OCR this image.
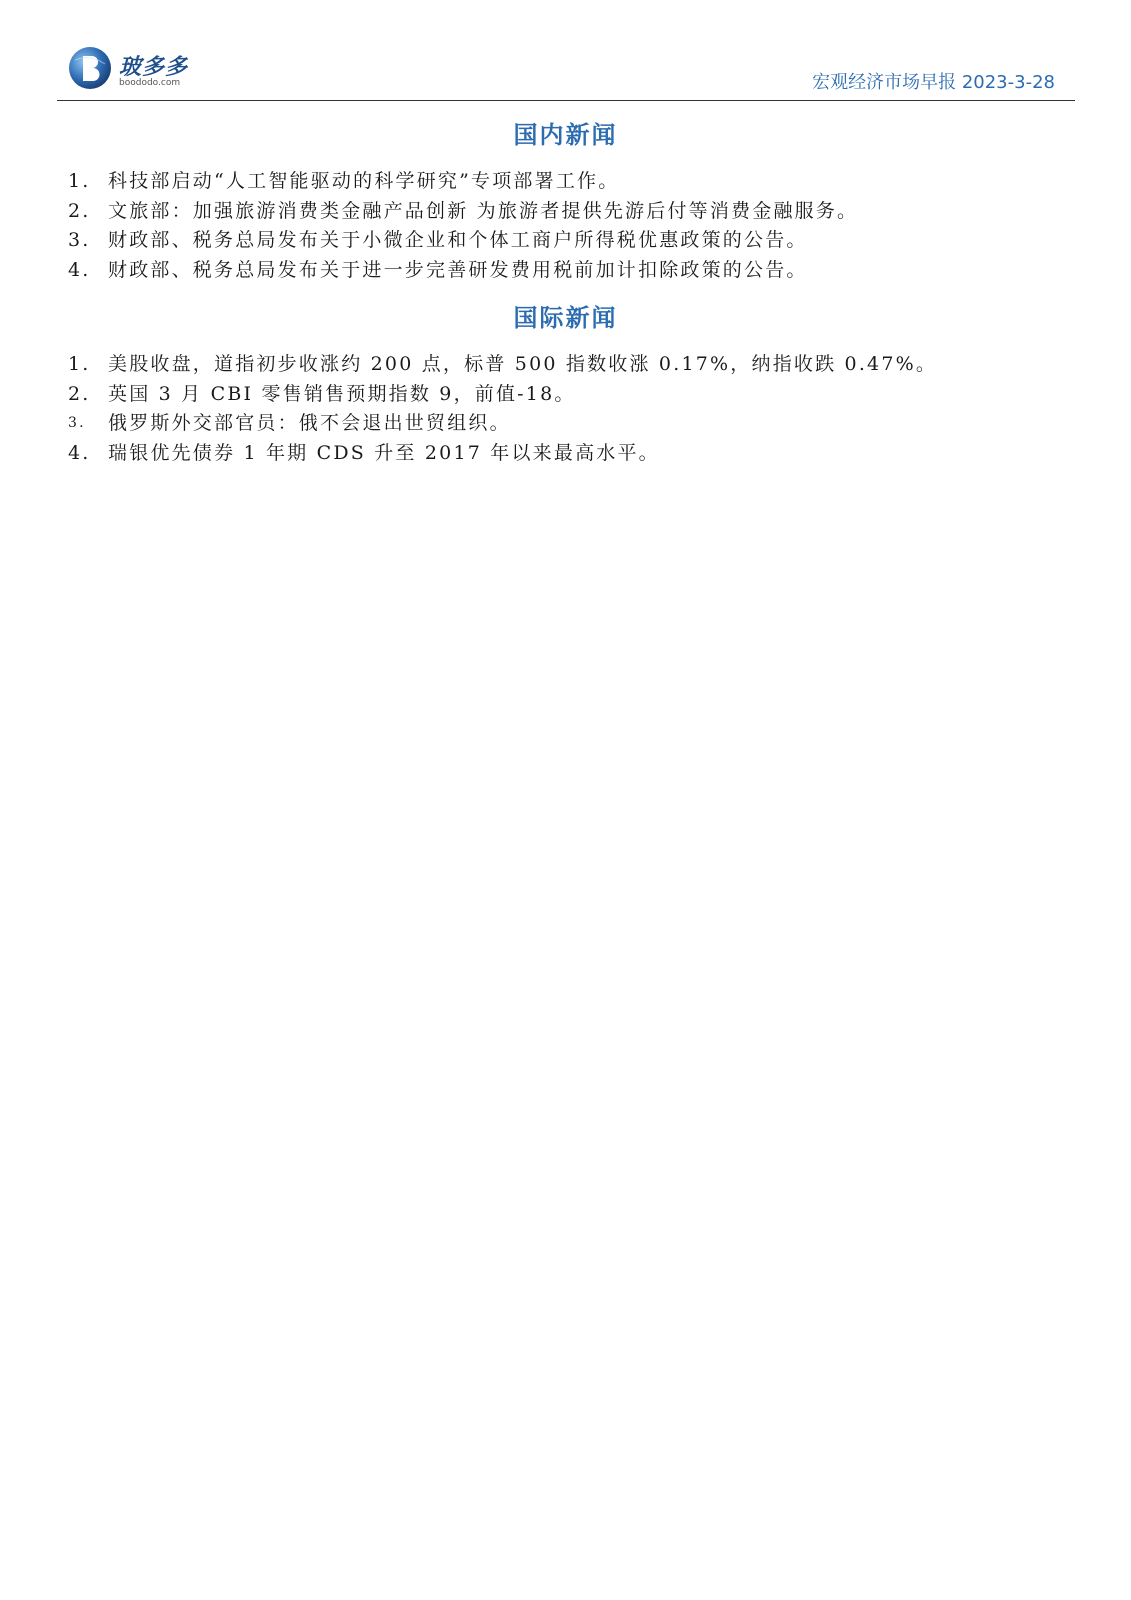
玻多多
boododo.com	宏观经济市场早报 2023-3-28
国内新闻
1. 科技部启动“人工智能驱动的科学研究”专项部署工作。
2. 文旅部：加强旅游消费类金融产品创新 为旅游者提供先游后付等消费金融服务。
3. 财政部、税务总局发布关于小微企业和个体工商户所得税优惠政策的公告。
4. 财政部、税务总局发布关于进一步完善研发费用税前加计扣除政策的公告。
国际新闻
1. 美股收盘，道指初步收涨约 200 点，标普 500 指数收涨 0.17%，纳指收跌 0.47%。
2. 英国 3 月 CBI 零售销售预期指数 9，前值-18。
3.	俄罗斯外交部官员：俄不会退出世贸组织。
4. 瑞银优先债券 1 年期 CDS 升至 2017 年以来最高水平。
